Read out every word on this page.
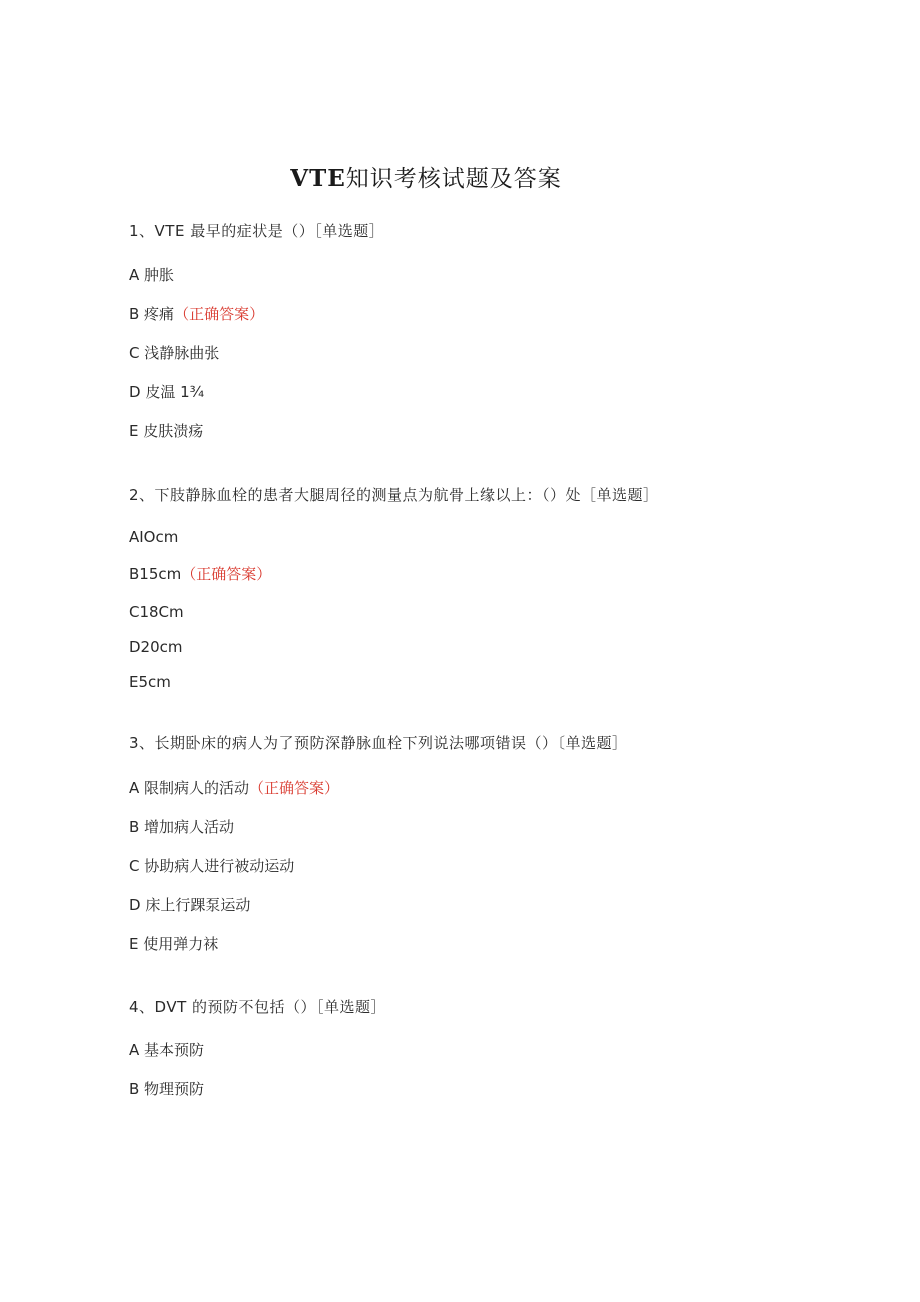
VTE知识考核试题及答案
1、VTE 最早的症状是（）［单选题］
A 肿胀
B 疼痛（正确答案）
C 浅静脉曲张
D 皮温 1¾
E 皮肤溃疡
2、下肢静脉血栓的患者大腿周径的测量点为航骨上缘以上：（）处［单选题］
AIOcm
B15cm（正确答案）
C18Cm
D20cm
E5cm
3、长期卧床的病人为了预防深静脉血栓下列说法哪项错误（）〔单选题］
A 限制病人的活动（正确答案）
B 增加病人活动
C 协助病人进行被动运动
D 床上行踝泵运动
E 使用弹力袜
4、DVT 的预防不包括（）［单选题］
A 基本预防
B 物理预防
